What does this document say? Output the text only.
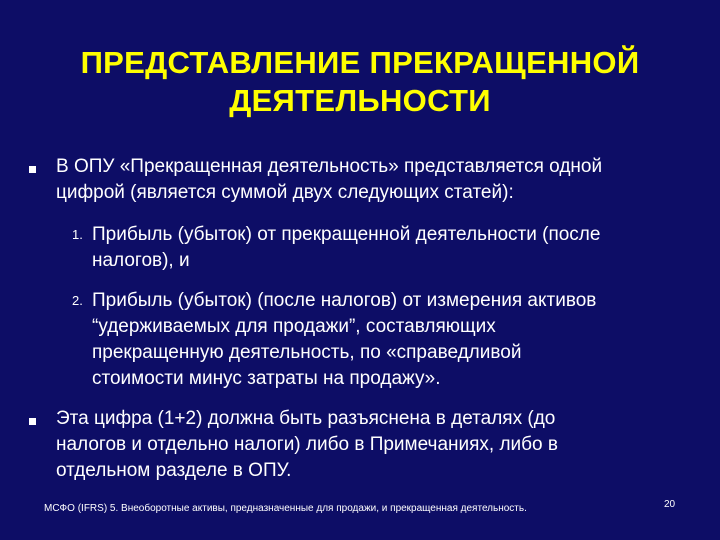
ПРЕДСТАВЛЕНИЕ ПРЕКРАЩЕННОЙ
ДЕЯТЕЛЬНОСТИ
В ОПУ «Прекращенная деятельность» представляется одной
цифрой (является суммой двух следующих статей):
1. Прибыль (убыток) от прекращенной деятельности (после
налогов), и
2. Прибыль (убыток) (после налогов) от измерения активов
“удерживаемых для продажи”, составляющих
прекращенную деятельность, по «справедливой
стоимости минус затраты на продажу».
Эта цифра (1+2) должна быть разъяснена в деталях (до
налогов и отдельно налоги) либо в Примечаниях, либо в
отдельном разделе в ОПУ.
МСФО (IFRS) 5. Внеоборотные активы, предназначенные для продажи, и прекращенная деятельность.	20
